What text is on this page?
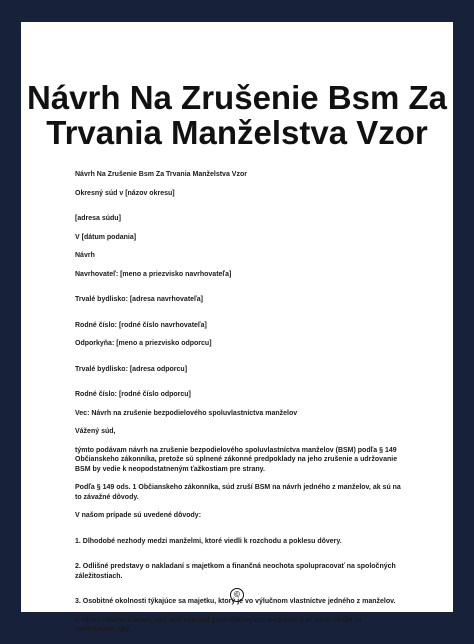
Návrh Na Zrušenie Bsm Za
Trvania Manželstva Vzor
Návrh Na Zrušenie Bsm Za Trvania Manželstva Vzor
Okresný súd v [názov okresu]
[adresa súdu]
V [dátum podania]
Návrh
Navrhovateľ: [meno a priezvisko navrhovateľa]
Trvalé bydlisko: [adresa navrhovateľa]
Rodné číslo: [rodné číslo navrhovateľa]
Odporkyňa: [meno a priezvisko odporcu]
Trvalé bydlisko: [adresa odporcu]
Rodné číslo: [rodné číslo odporcu]
Vec: Návrh na zrušenie bezpodielového spoluvlastníctva manželov
Vážený súd,
týmto podávam návrh na zrušenie bezpodielového spoluvlastníctva manželov (BSM) podľa § 149 Občianskeho zákonníka, pretože sú splnené zákonné predpoklady na jeho zrušenie a udržovanie BSM by vedie k neopodstatneným ťažkostiam pre strany.
Podľa § 149 ods. 1 Občianskeho zákonníka, súd zruší BSM na návrh jedného z manželov, ak sú na to závažné dôvody.
V našom prípade sú uvedené dôvody:
1. Dlhodobé nezhody medzi manželmi, ktoré viedli k rozchodu a poklesu dôvery.
2. Odlišné predstavy o nakladaní s majetkom a finančná neochota spolupracovať na spoločných záležitostiach.
3. Osobitné okolnosti týkajúce sa majetku, ktorý je vo výlučnom vlastníctve jedného z manželov.
V rámci návrhu žiadam, aby súd vykonal predchádzajúcu mediáciu a ak sa to ukáže za neefektívne, aby
©
